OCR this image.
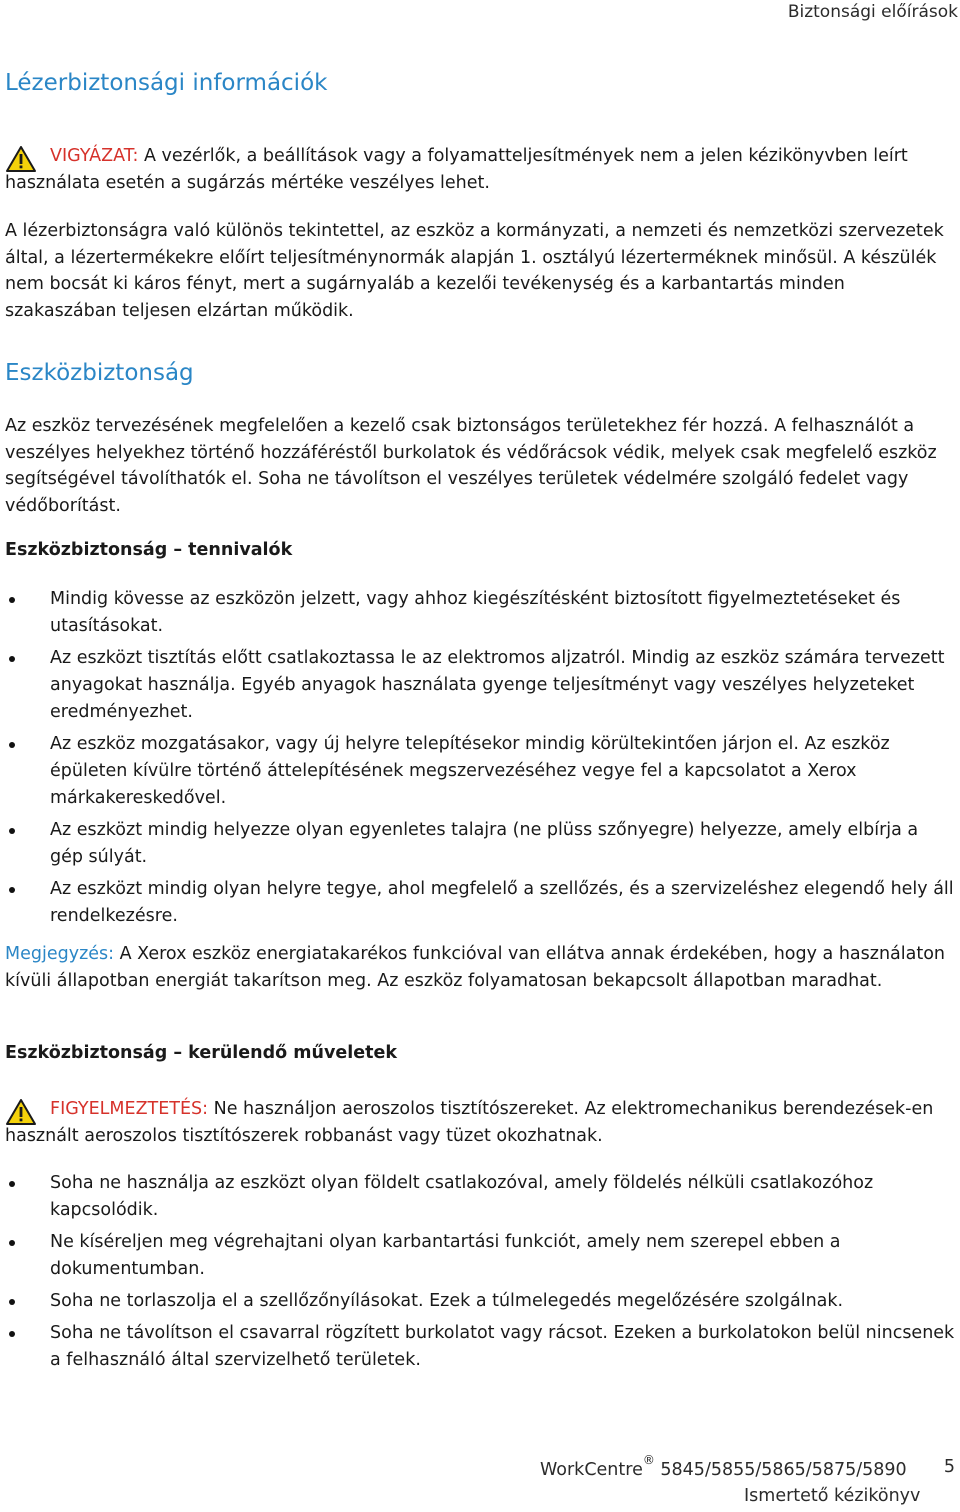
Biztonsági előírások
Lézerbiztonsági információk

VIGYÁZAT: A vezérlők, a beállítások vagy a folyamatteljesítmények nem a jelen kézikönyvben leírt használata esetén a sugárzás mértéke veszélyes lehet.

A lézerbiztonságra való különös tekintettel, az eszköz a kormányzati, a nemzeti és nemzetközi szervezetek által, a lézertermékekre előírt teljesítménynormák alapján 1. osztályú lézerterméknek minősül. A készülék nem bocsát ki káros fényt, mert a sugárnyaláb a kezelői tevékenység és a karbantartás minden szakaszában teljesen elzártan működik.

Eszközbiztonság

Az eszköz tervezésének megfelelően a kezelő csak biztonságos területekhez fér hozzá. A felhasználót a veszélyes helyekhez történő hozzáféréstől burkolatok és védőrácsok védik, melyek csak megfelelő eszköz segítségével távolíthatók el. Soha ne távolítson el veszélyes területek védelmére szolgáló fedelet vagy védőborítást.

Eszközbiztonság – tennivalók
Mindig kövesse az eszközön jelzett, vagy ahhoz kiegészítésként biztosított figyelmeztetéseket és utasításokat.
Az eszközt tisztítás előtt csatlakoztassa le az elektromos aljzatról. Mindig az eszköz számára tervezett anyagokat használja. Egyéb anyagok használata gyenge teljesítményt vagy veszélyes helyzeteket eredményezhet.
Az eszköz mozgatásakor, vagy új helyre telepítésekor mindig körültekintően járjon el. Az eszköz épületen kívülre történő áttelepítésének megszervezéséhez vegye fel a kapcsolatot a Xerox márkakereskedővel.
Az eszközt mindig helyezze olyan egyenletes talajra (ne plüss szőnyegre) helyezze, amely elbírja a gép súlyát.
Az eszközt mindig olyan helyre tegye, ahol megfelelő a szellőzés, és a szervizeléshez elegendő hely áll rendelkezésre.

Megjegyzés: A Xerox eszköz energiatakarékos funkcióval van ellátva annak érdekében, hogy a használaton kívüli állapotban energiát takarítson meg. Az eszköz folyamatosan bekapcsolt állapotban maradhat.

Eszközbiztonság – kerülendő műveletek

FIGYELMEZTETÉS: Ne használjon aeroszolos tisztítószereket. Az elektromechanikus berendezések-en használt aeroszolos tisztítószerek robbanást vagy tüzet okozhatnak.

Soha ne használja az eszközt olyan földelt csatlakozóval, amely földelés nélküli csatlakozóhoz kapcsolódik.
Ne kíséreljen meg végrehajtani olyan karbantartási funkciót, amely nem szerepel ebben a dokumentumban.
Soha ne torlaszolja el a szellőzőnyílásokat. Ezek a túlmelegedés megelőzésére szolgálnak.
Soha ne távolítson el csavarral rögzített burkolatot vagy rácsot. Ezeken a burkolatokon belül nincsenek a felhasználó által szervizelhető területek.
WorkCentre® 5845/5855/5865/5875/5890 5
Ismertető kézikönyv
